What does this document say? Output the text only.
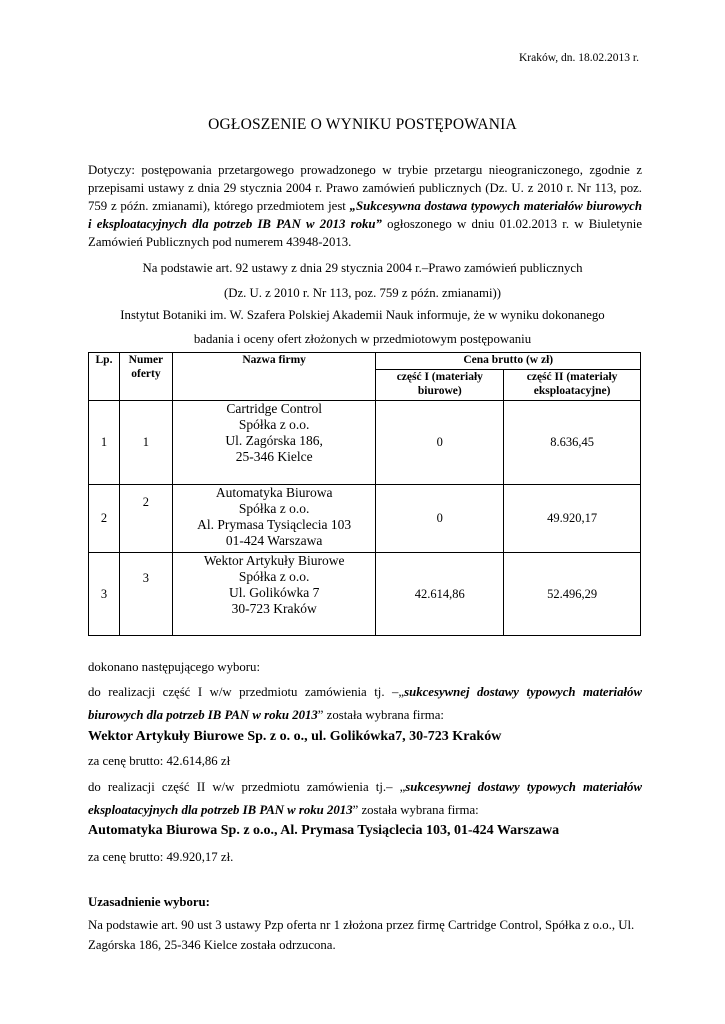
Kraków, dn. 18.02.2013 r.
OGŁOSZENIE O WYNIKU POSTĘPOWANIA
Dotyczy: postępowania przetargowego prowadzonego w trybie przetargu nieograniczonego, zgodnie z przepisami ustawy z dnia 29 stycznia 2004 r. Prawo zamówień publicznych (Dz. U. z 2010 r. Nr 113, poz. 759 z późn. zmianami), którego przedmiotem jest „Sukcesywna dostawa typowych materiałów biurowych i eksploatacyjnych dla potrzeb IB PAN w 2013 roku” ogłoszonego w dniu 01.02.2013 r. w Biuletynie Zamówień Publicznych pod numerem 43948-2013.
Na podstawie art. 92 ustawy z dnia 29 stycznia 2004 r.–Prawo zamówień publicznych
(Dz. U. z 2010 r. Nr 113, poz. 759 z późn. zmianami))
Instytut Botaniki im. W. Szafera Polskiej Akademii Nauk informuje, że w wyniku dokonanego
badania i oceny ofert złożonych w przedmiotowym postępowaniu
Lp.	Numer oferty	Nazwa firmy	Cena brutto (w zł)	
			część I (materiały biurowe)	część II (materiały eksploatacyjne)
1	1	Cartridge Control
Spółka z o.o.
Ul. Zagórska 186,
25-346 Kielce	0	8.636,45
2	2	Automatyka Biurowa
Spółka z o.o.
Al. Prymasa Tysiąclecia 103
01-424 Warszawa	0	49.920,17
3	3	Wektor Artykuły Biurowe
Spółka z o.o.
Ul. Golikówka 7
30-723 Kraków	42.614,86	52.496,29
dokonano następującego wyboru:
do realizacji część I w/w przedmiotu zamówienia tj. –„sukcesywnej dostawy typowych materiałów biurowych dla potrzeb IB PAN w roku 2013” została wybrana firma:
Wektor Artykuły Biurowe Sp. z o. o., ul. Golikówka7, 30-723 Kraków
za cenę brutto: 42.614,86 zł
do realizacji część II w/w przedmiotu zamówienia tj.– „sukcesywnej dostawy typowych materiałów eksploatacyjnych dla potrzeb IB PAN w roku 2013” została wybrana firma:
Automatyka Biurowa Sp. z o.o., Al. Prymasa Tysiąclecia 103, 01-424 Warszawa
za cenę brutto: 49.920,17 zł.
Uzasadnienie wyboru:
Na podstawie art. 90 ust 3 ustawy Pzp oferta nr 1 złożona przez firmę Cartridge Control, Spółka z o.o., Ul. Zagórska 186, 25-346 Kielce została odrzucona.
